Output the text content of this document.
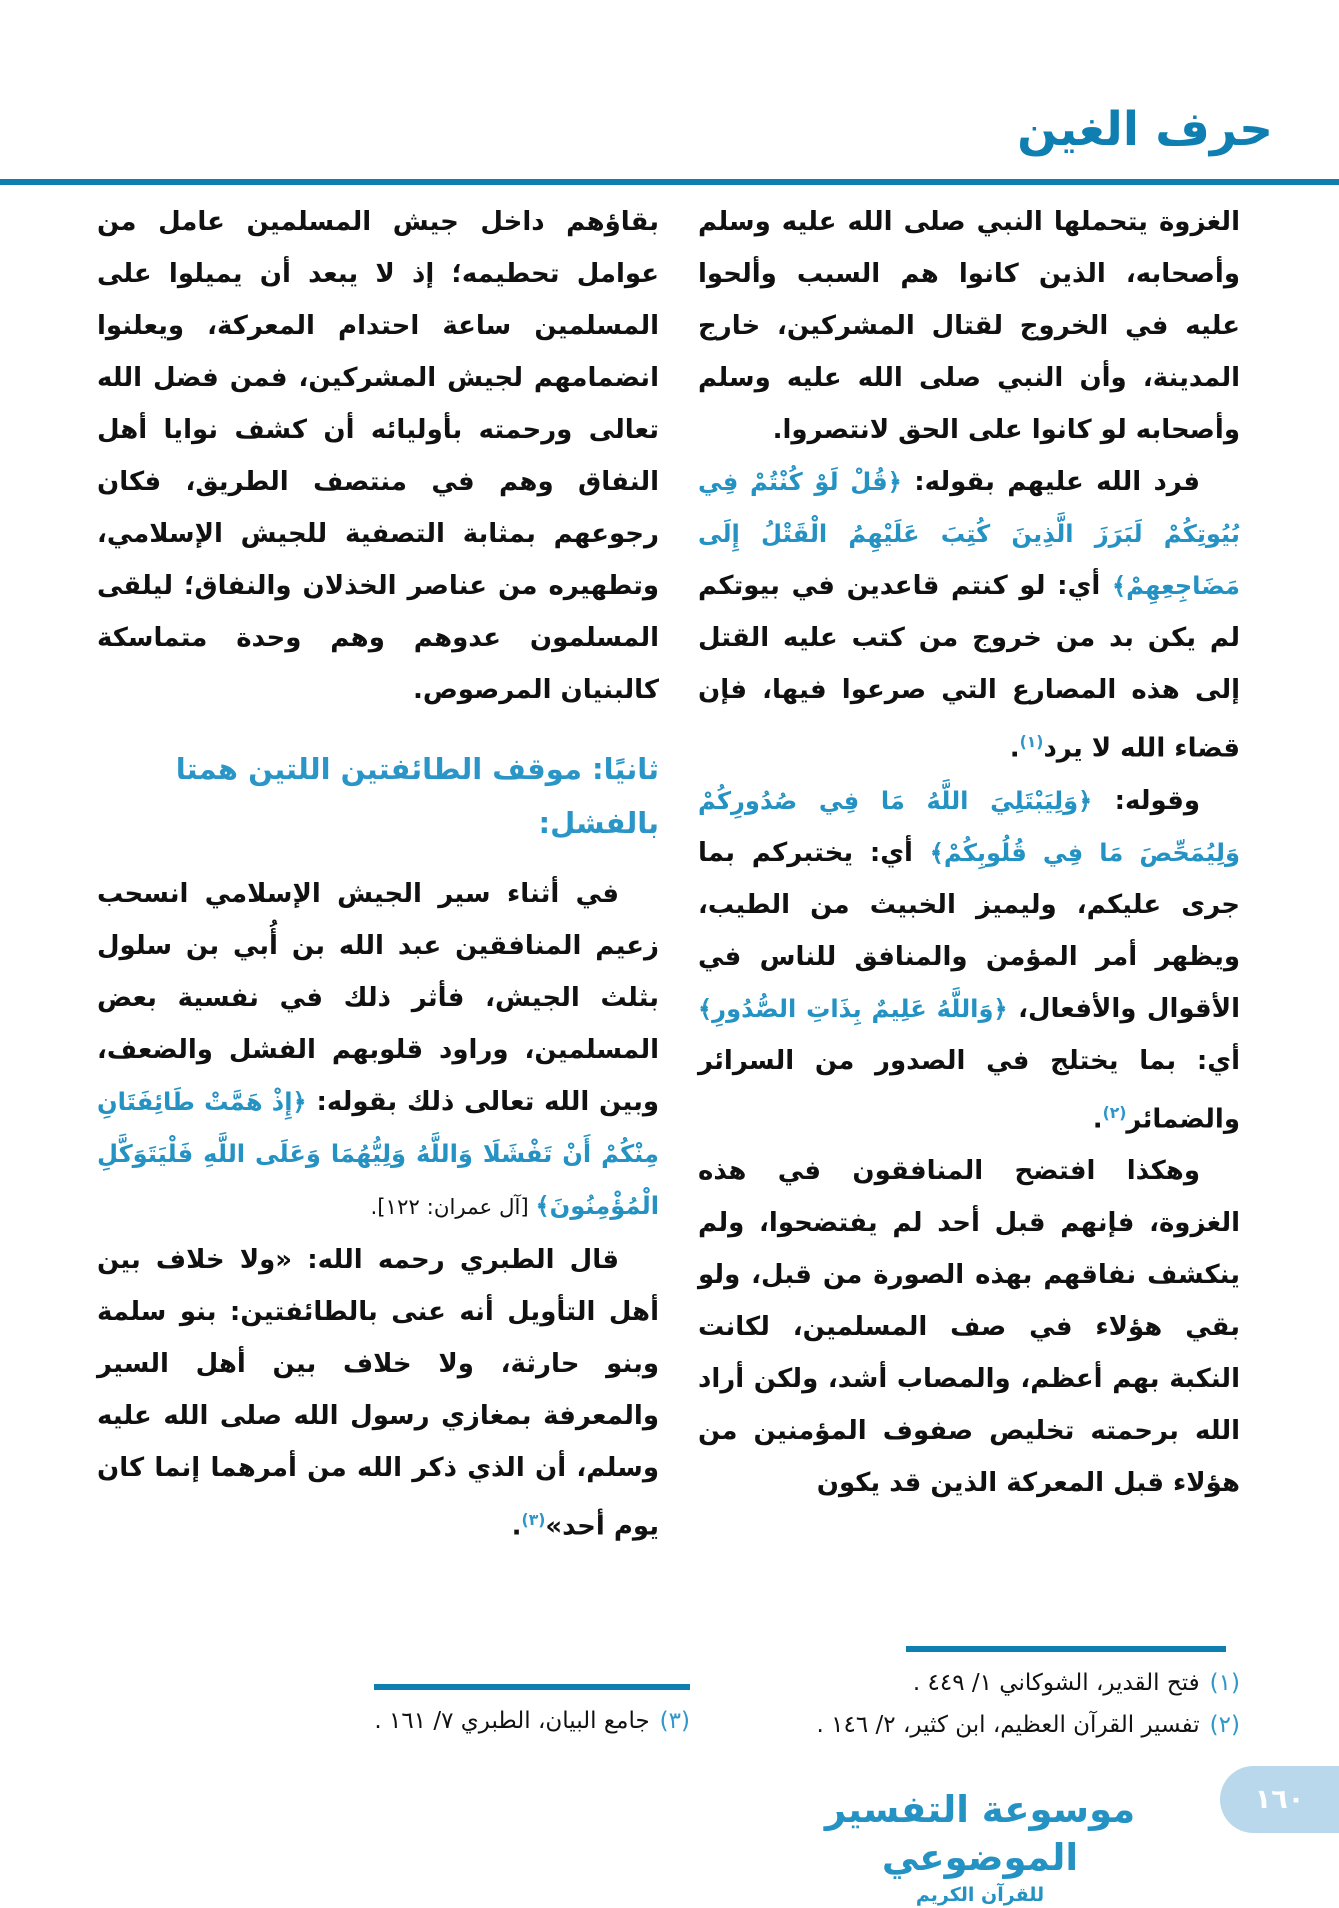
حرف الغين

الغزوة يتحملها النبي صلى الله عليه وسلم وأصحابه، الذين كانوا هم السبب وألحوا عليه في الخروج لقتال المشركين، خارج المدينة، وأن النبي صلى الله عليه وسلم وأصحابه لو كانوا على الحق لانتصروا.

فرد الله عليهم بقوله: ﴿قُلْ لَوْ كُنْتُمْ فِي بُيُوتِكُمْ لَبَرَزَ الَّذِينَ كُتِبَ عَلَيْهِمُ الْقَتْلُ إِلَى مَضَاجِعِهِمْ﴾ أي: لو كنتم قاعدين في بيوتكم لم يكن بد من خروج من كتب عليه القتل إلى هذه المصارع التي صرعوا فيها، فإن قضاء الله لا يرد$^{(١)}$.

وقوله: ﴿وَلِيَبْتَلِيَ اللَّهُ مَا فِي صُدُورِكُمْ وَلِيُمَحِّصَ مَا فِي قُلُوبِكُمْ﴾ أي: يختبركم بما جرى عليكم، وليميز الخبيث من الطيب، ويظهر أمر المؤمن والمنافق للناس في الأقوال والأفعال، ﴿وَاللَّهُ عَلِيمٌ بِذَاتِ الصُّدُورِ﴾ أي: بما يختلج في الصدور من السرائر والضمائر$^{(٢)}$.

وهكذا افتضح المنافقون في هذه الغزوة، فإنهم قبل أحد لم يفتضحوا، ولم ينكشف نفاقهم بهذه الصورة من قبل، ولو بقي هؤلاء في صف المسلمين، لكانت النكبة بهم أعظم، والمصاب أشد، ولكن أراد الله برحمته تخليص صفوف المؤمنين من هؤلاء قبل المعركة الذين قد يكون

بقاؤهم داخل جيش المسلمين عامل من عوامل تحطيمه؛ إذ لا يبعد أن يميلوا على المسلمين ساعة احتدام المعركة، ويعلنوا انضمامهم لجيش المشركين، فمن فضل الله تعالى ورحمته بأوليائه أن كشف نوايا أهل النفاق وهم في منتصف الطريق، فكان رجوعهم بمثابة التصفية للجيش الإسلامي، وتطهيره من عناصر الخذلان والنفاق؛ ليلقى المسلمون عدوهم وهم وحدة متماسكة كالبنيان المرصوص.

ثانيًا: موقف الطائفتين اللتين همتا بالفشل:

في أثناء سير الجيش الإسلامي انسحب زعيم المنافقين عبد الله بن أُبي بن سلول بثلث الجيش، فأثر ذلك في نفسية بعض المسلمين، وراود قلوبهم الفشل والضعف، وبين الله تعالى ذلك بقوله: ﴿إِذْ هَمَّتْ طَائِفَتَانِ مِنْكُمْ أَنْ تَفْشَلَا وَاللَّهُ وَلِيُّهُمَا وَعَلَى اللَّهِ فَلْيَتَوَكَّلِ الْمُؤْمِنُونَ﴾ [آل عمران: ١٢٢].

قال الطبري رحمه الله: «ولا خلاف بين أهل التأويل أنه عنى بالطائفتين: بنو سلمة وبنو حارثة، ولا خلاف بين أهل السير والمعرفة بمغازي رسول الله صلى الله عليه وسلم، أن الذي ذكر الله من أمرهما إنما كان يوم أحد»$^{(٣)}$.

(١)فتح القدير، الشوكاني ١/ ٤٤٩ .
(٢)تفسير القرآن العظيم، ابن كثير، ٢/ ١٤٦ .
(٣)جامع البيان، الطبري ٧/ ١٦١ .
موسوعة التفسير الموضوعي
للقرآن الكريم
١٦٠
